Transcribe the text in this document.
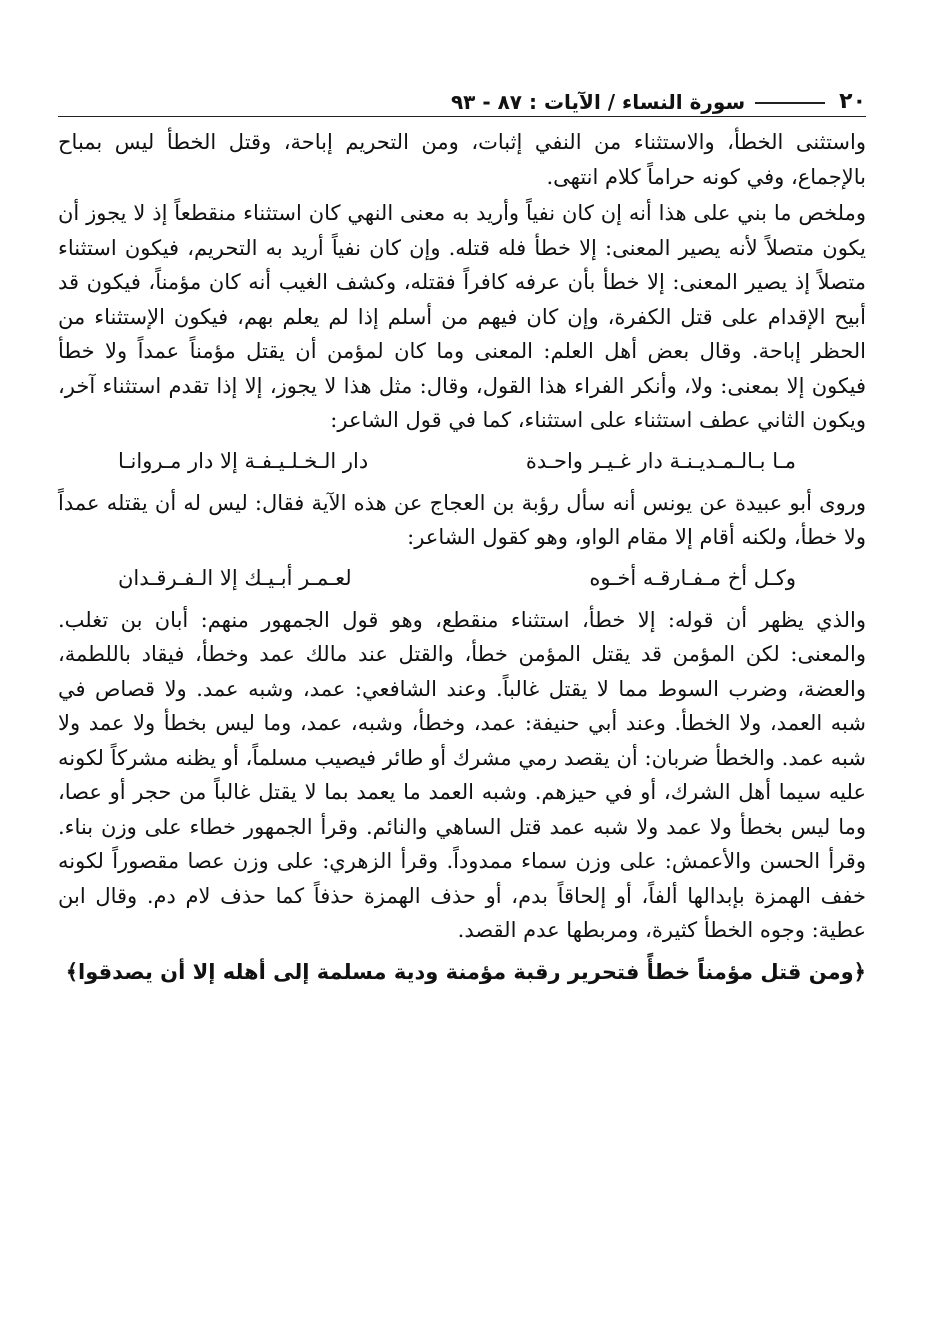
٢٠
سورة النساء / الآيات : ٨٧ - ٩٣

واستثنى الخطأ، والاستثناء من النفي إثبات، ومن التحريم إباحة، وقتل الخطأ ليس بمباح بالإجماع، وفي كونه حراماً كلام انتهى.

وملخص ما بني على هذا أنه إن كان نفياً وأريد به معنى النهي كان استثناء منقطعاً إذ لا يجوز أن يكون متصلاً لأنه يصير المعنى: إلا خطأ فله قتله. وإن كان نفياً أريد به التحريم، فيكون استثناء متصلاً إذ يصير المعنى: إلا خطأ بأن عرفه كافراً فقتله، وكشف الغيب أنه كان مؤمناً، فيكون قد أبيح الإقدام على قتل الكفرة، وإن كان فيهم من أسلم إذا لم يعلم بهم، فيكون الإستثناء من الحظر إباحة. وقال بعض أهل العلم: المعنى وما كان لمؤمن أن يقتل مؤمناً عمداً ولا خطأ فيكون إلا بمعنى: ولا، وأنكر الفراء هذا القول، وقال: مثل هذا لا يجوز، إلا إذا تقدم استثناء آخر، ويكون الثاني عطف استثناء على استثناء، كما في قول الشاعر:

مـا بـالـمـديـنـة دار غـيـر واحـدة
دار الـخـلـيـفـة إلا دار مـروانـا

وروى أبو عبيدة عن يونس أنه سأل رؤبة بن العجاج عن هذه الآية فقال: ليس له أن يقتله عمداً ولا خطأ، ولكنه أقام إلا مقام الواو، وهو كقول الشاعر:

وكـل أخ مـفـارقـه أخـوه
لعـمـر أبـيـك إلا الـفـرقـدان

والذي يظهر أن قوله: إلا خطأ، استثناء منقطع، وهو قول الجمهور منهم: أبان بن تغلب. والمعنى: لكن المؤمن قد يقتل المؤمن خطأ، والقتل عند مالك عمد وخطأ، فيقاد باللطمة، والعضة، وضرب السوط مما لا يقتل غالباً. وعند الشافعي: عمد، وشبه عمد. ولا قصاص في شبه العمد، ولا الخطأ. وعند أبي حنيفة: عمد، وخطأ، وشبه، عمد، وما ليس بخطأ ولا عمد ولا شبه عمد. والخطأ ضربان: أن يقصد رمي مشرك أو طائر فيصيب مسلماً، أو يظنه مشركاً لكونه عليه سيما أهل الشرك، أو في حيزهم. وشبه العمد ما يعمد بما لا يقتل غالباً من حجر أو عصا، وما ليس بخطأ ولا عمد ولا شبه عمد قتل الساهي والنائم. وقرأ الجمهور خطاء على وزن بناء. وقرأ الحسن والأعمش: على وزن سماء ممدوداً. وقرأ الزهري: على وزن عصا مقصوراً لكونه خفف الهمزة بإبدالها ألفاً، أو إلحاقاً بدم، أو حذف الهمزة حذفاً كما حذف لام دم. وقال ابن عطية: وجوه الخطأ كثيرة، ومربطها عدم القصد.

﴿ومن قتل مؤمناً خطأً فتحرير رقبة مؤمنة ودية مسلمة إلى أهله إلا أن يصدقوا﴾
